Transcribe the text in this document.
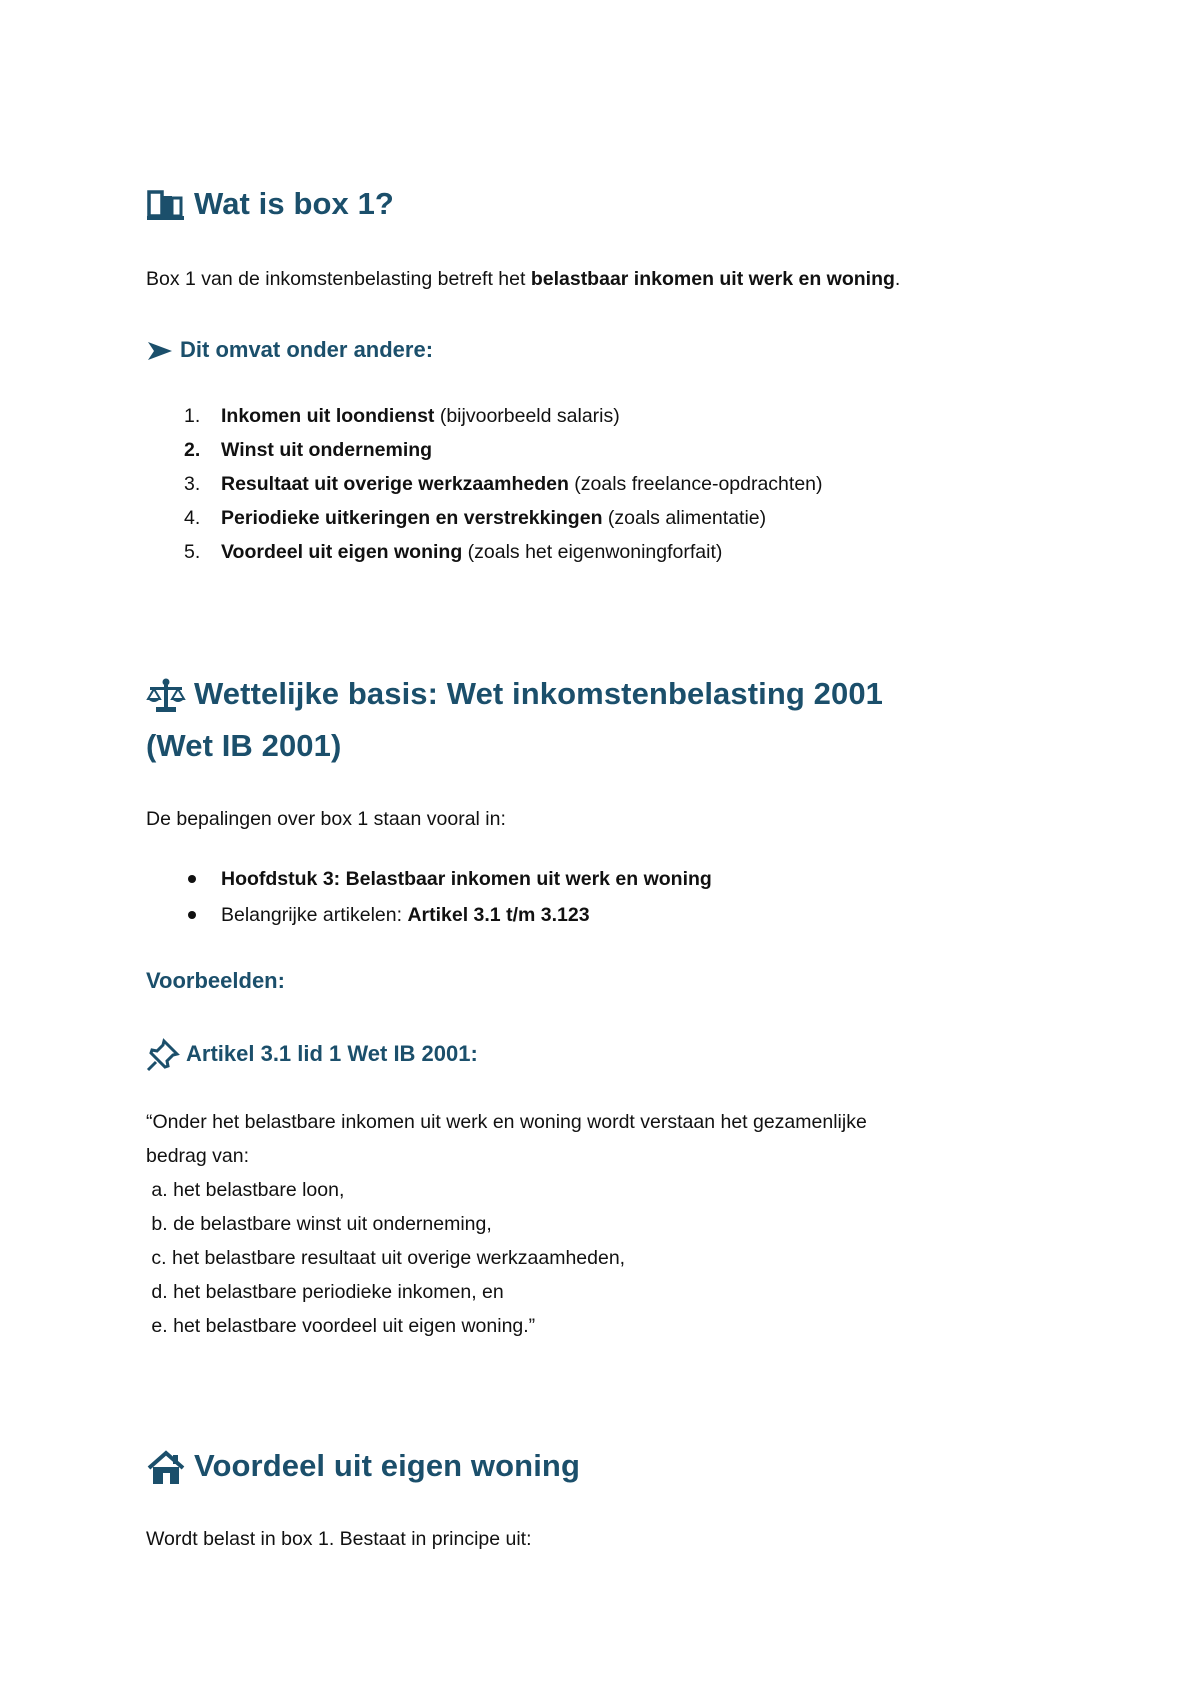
Wat is box 1?
Box 1 van de inkomstenbelasting betreft het belastbaar inkomen uit werk en woning.
Dit omvat onder andere:
1. Inkomen uit loondienst (bijvoorbeeld salaris)
2. Winst uit onderneming
3. Resultaat uit overige werkzaamheden (zoals freelance-opdrachten)
4. Periodieke uitkeringen en verstrekkingen (zoals alimentatie)
5. Voordeel uit eigen woning (zoals het eigenwoningforfait)
Wettelijke basis: Wet inkomstenbelasting 2001
(Wet IB 2001)
De bepalingen over box 1 staan vooral in:
Hoofdstuk 3: Belastbaar inkomen uit werk en woning
Belangrijke artikelen: Artikel 3.1 t/m 3.123
Voorbeelden:
Artikel 3.1 lid 1 Wet IB 2001:
“Onder het belastbare inkomen uit werk en woning wordt verstaan het gezamenlijke
bedrag van:
a. het belastbare loon,
b. de belastbare winst uit onderneming,
c. het belastbare resultaat uit overige werkzaamheden,
d. het belastbare periodieke inkomen, en
e. het belastbare voordeel uit eigen woning.”
Voordeel uit eigen woning
Wordt belast in box 1. Bestaat in principe uit:
